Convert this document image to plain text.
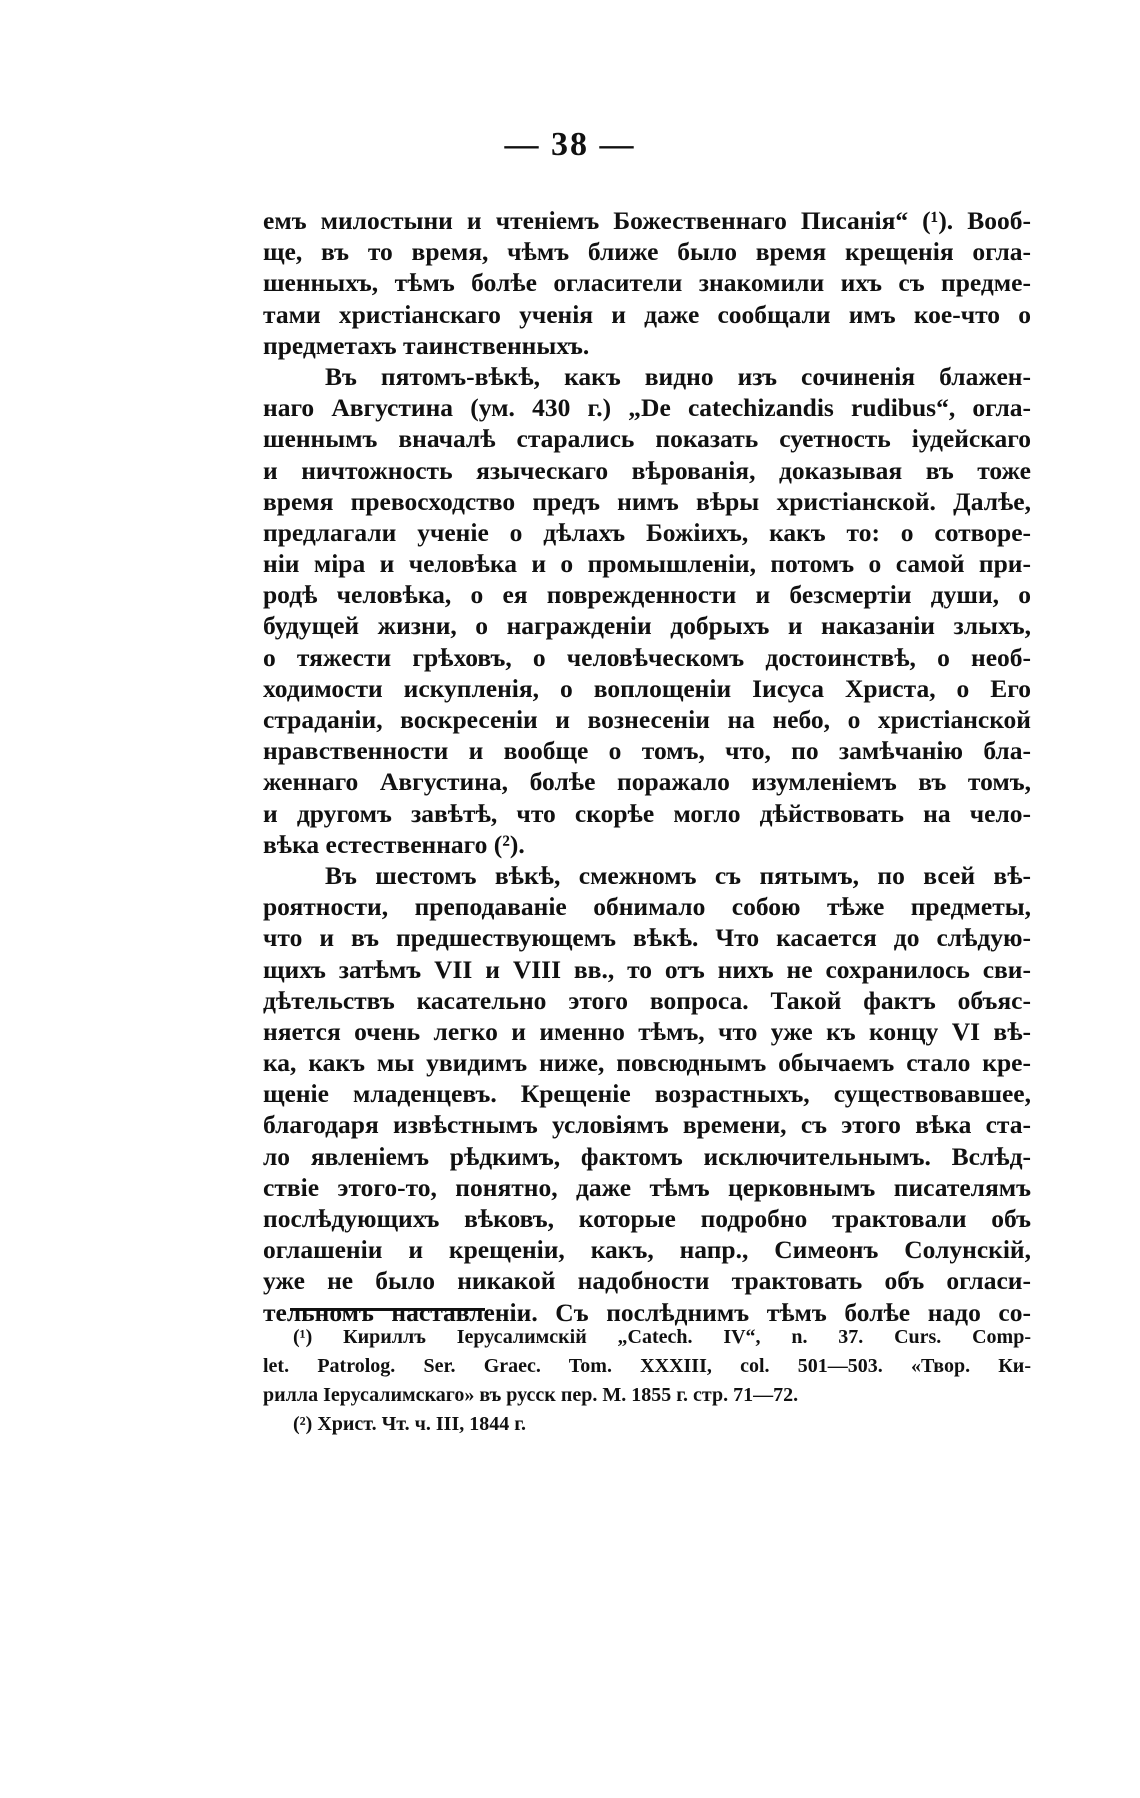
— 38 —
емъ милостыни и чтеніемъ Божественнаго Писанія“ (¹). Вооб-
ще, въ то время, чѣмъ ближе было время крещенія огла-
шенныхъ, тѣмъ болѣе огласители знакомили ихъ съ предме-
тами христіанскаго ученія и даже сообщали имъ кое-что о
предметахъ таинственныхъ.
Въ пятомъ-вѣкѣ, какъ видно изъ сочиненія блажен-
наго Августина (ум. 430 г.) „De catechizandis rudibus“, огла-
шеннымъ вначалѣ старались показать суетность іудейскаго
и ничтожность языческаго вѣрованія, доказывая въ тоже
время превосходство предъ нимъ вѣры христіанской. Далѣе,
предлагали ученіе о дѣлахъ Божіихъ, какъ то: о сотворе-
ніи міра и человѣка и о промышленіи, потомъ о самой при-
родѣ человѣка, о ея поврежденности и безсмертіи души, о
будущей жизни, о награжденіи добрыхъ и наказаніи злыхъ,
о тяжести грѣховъ, о человѣческомъ достоинствѣ, о необ-
ходимости искупленія, о воплощеніи Іисуса Христа, о Его
страданіи, воскресеніи и вознесеніи на небо, о христіанской
нравственности и вообще о томъ, что, по замѣчанію бла-
женнаго Августина, болѣе поражало изумленіемъ въ томъ,
и другомъ завѣтѣ, что скорѣе могло дѣйствовать на чело-
вѣка естественнаго (²).
Въ шестомъ вѣкѣ, смежномъ съ пятымъ, по всей вѣ-
роятности, преподаваніе обнимало собою тѣже предметы,
что и въ предшествующемъ вѣкѣ. Что касается до слѣдую-
щихъ затѣмъ VII и VIII вв., то отъ нихъ не сохранилось сви-
дѣтельствъ касательно этого вопроса. Такой фактъ объяс-
няется очень легко и именно тѣмъ, что уже къ концу VI вѣ-
ка, какъ мы увидимъ ниже, повсюднымъ обычаемъ стало кре-
щеніе младенцевъ. Крещеніе возрастныхъ, существовавшее,
благодаря извѣстнымъ условіямъ времени, съ этого вѣка ста-
ло явленіемъ рѣдкимъ, фактомъ исключительнымъ. Вслѣд-
ствіе этого-то, понятно, даже тѣмъ церковнымъ писателямъ
послѣдующихъ вѣковъ, которые подробно трактовали объ
оглашеніи и крещеніи, какъ, напр., Симеонъ Солунскій,
уже не было никакой надобности трактовать объ огласи-
тельномъ наставленіи. Съ послѣднимъ тѣмъ болѣе надо со-
(¹) Кириллъ Іерусалимскій „Catech. IV“, n. 37. Curs. Comp-
let. Patrolog. Ser. Graec. Tom. XXXIII, col. 501—503. «Твор. Ки-
рилла Іерусалимскаго» въ русск пер. М. 1855 г. стр. 71—72.
(²) Христ. Чт. ч. III, 1844 г.
